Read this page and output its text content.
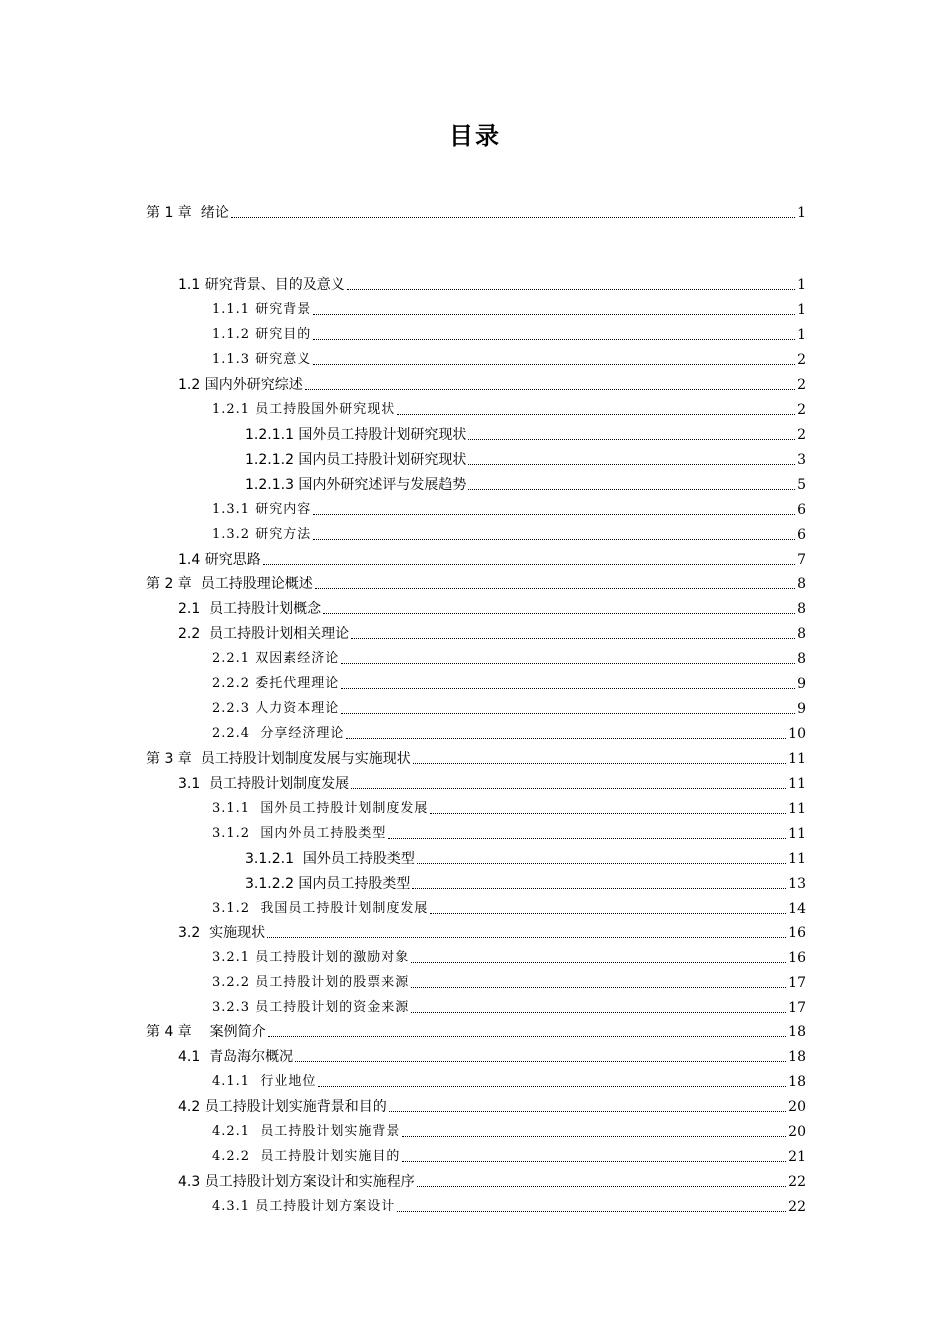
目录
第 1 章  绪论	1
1.1 研究背景、目的及意义	1
1.1.1 研究背景	1
1.1.2 研究目的	1
1.1.3 研究意义	2
1.2 国内外研究综述	2
1.2.1 员工持股国外研究现状	2
1.2.1.1 国外员工持股计划研究现状	2
1.2.1.2 国内员工持股计划研究现状	3
1.2.1.3 国内外研究述评与发展趋势	5
1.3.1 研究内容	6
1.3.2 研究方法	6
1.4 研究思路	7
第 2 章  员工持股理论概述	8
2.1  员工持股计划概念	8
2.2  员工持股计划相关理论	8
2.2.1 双因素经济论	8
2.2.2 委托代理理论	9
2.2.3 人力资本理论	9
2.2.4  分享经济理论	10
第 3 章  员工持股计划制度发展与实施现状	11
3.1  员工持股计划制度发展	11
3.1.1  国外员工持股计划制度发展	11
3.1.2  国内外员工持股类型	11
3.1.2.1  国外员工持股类型	11
3.1.2.2 国内员工持股类型	13
3.1.2  我国员工持股计划制度发展	14
3.2  实施现状	16
3.2.1 员工持股计划的激励对象	16
3.2.2 员工持股计划的股票来源	17
3.2.3 员工持股计划的资金来源	17
第 4 章    案例简介	18
4.1  青岛海尔概况	18
4.1.1  行业地位	18
4.2 员工持股计划实施背景和目的	20
4.2.1  员工持股计划实施背景	20
4.2.2  员工持股计划实施目的	21
4.3 员工持股计划方案设计和实施程序	22
4.3.1 员工持股计划方案设计	22
